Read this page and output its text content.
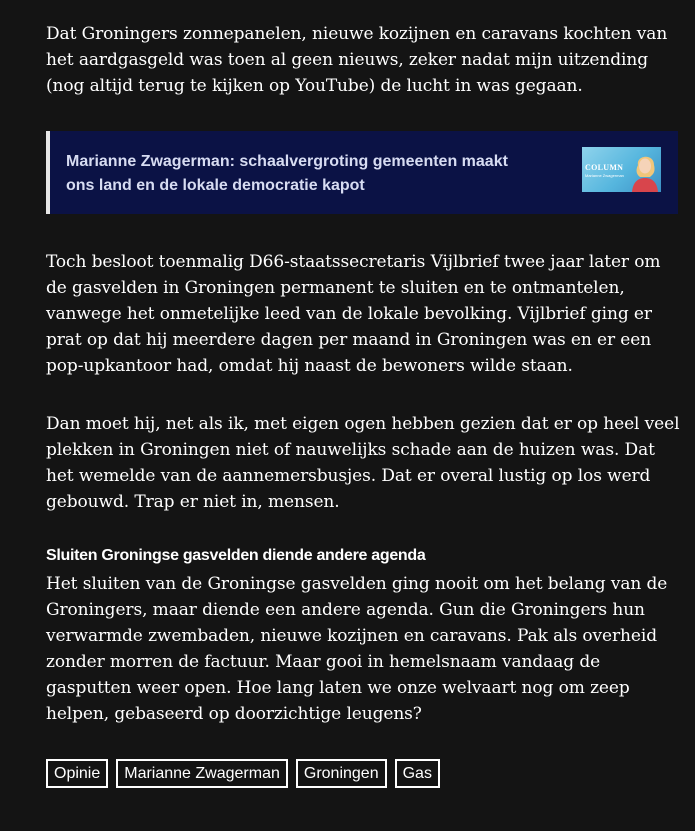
Dat Groningers zonnepanelen, nieuwe kozijnen en caravans kochten van
het aardgasgeld was toen al geen nieuws, zeker nadat mijn uitzending
(nog altijd terug te kijken op YouTube) de lucht in was gegaan.

Marianne Zwagerman: schaalvergroting gemeenten maakt
ons land en de lokale democratie kapot

COLUMN
Marianne Zwagerman

Toch besloot toenmalig D66-staatssecretaris Vijlbrief twee jaar later om
de gasvelden in Groningen permanent te sluiten en te ontmantelen,
vanwege het onmetelijke leed van de lokale bevolking. Vijlbrief ging er
prat op dat hij meerdere dagen per maand in Groningen was en er een
pop-upkantoor had, omdat hij naast de bewoners wilde staan.

Dan moet hij, net als ik, met eigen ogen hebben gezien dat er op heel veel
plekken in Groningen niet of nauwelijks schade aan de huizen was. Dat
het wemelde van de aannemersbusjes. Dat er overal lustig op los werd
gebouwd. Trap er niet in, mensen.

Sluiten Groningse gasvelden diende andere agenda

Het sluiten van de Groningse gasvelden ging nooit om het belang van de
Groningers, maar diende een andere agenda. Gun die Groningers hun
verwarmde zwembaden, nieuwe kozijnen en caravans. Pak als overheid
zonder morren de factuur. Maar gooi in hemelsnaam vandaag de
gasputten weer open. Hoe lang laten we onze welvaart nog om zeep
helpen, gebaseerd op doorzichtige leugens?

Opinie	Marianne Zwagerman	Groningen	Gas
